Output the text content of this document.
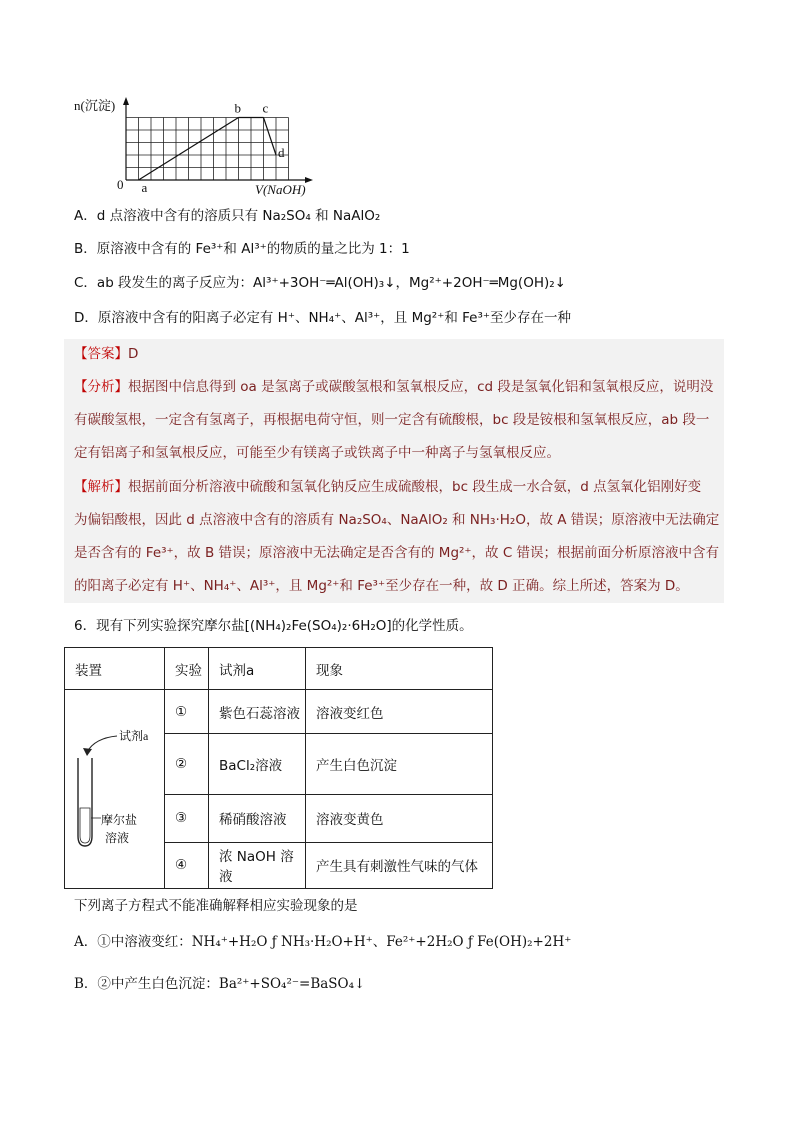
n(沉淀)
V(NaOH)
0 a
b c
d
A．d 点溶液中含有的溶质只有 Na₂SO₄ 和 NaAlO₂
B．原溶液中含有的 Fe³⁺和 Al³⁺的物质的量之比为 1：1
C．ab 段发生的离子反应为：Al³⁺+3OH⁻═Al(OH)₃↓，Mg²⁺+2OH⁻═Mg(OH)₂↓
D．原溶液中含有的阳离子必定有 H⁺、NH₄⁺、Al³⁺，且 Mg²⁺和 Fe³⁺至少存在一种
【答案】D
【分析】根据图中信息得到 oa 是氢离子或碳酸氢根和氢氧根反应，cd 段是氢氧化铝和氢氧根反应，说明没
有碳酸氢根，一定含有氢离子，再根据电荷守恒，则一定含有硫酸根，bc 段是铵根和氢氧根反应，ab 段一
定有铝离子和氢氧根反应，可能至少有镁离子或铁离子中一种离子与氢氧根反应。
【解析】根据前面分析溶液中硫酸和氢氧化钠反应生成硫酸根，bc 段生成一水合氨，d 点氢氧化铝刚好变
为偏铝酸根，因此 d 点溶液中含有的溶质有 Na₂SO₄、NaAlO₂ 和 NH₃·H₂O，故 A 错误；原溶液中无法确定
是否含有的 Fe³⁺，故 B 错误；原溶液中无法确定是否含有的 Mg²⁺，故 C 错误；根据前面分析原溶液中含有
的阳离子必定有 H⁺、NH₄⁺、Al³⁺，且 Mg²⁺和 Fe³⁺至少存在一种，故 D 正确。综上所述，答案为 D。
6．现有下列实验探究摩尔盐[(NH₄)₂Fe(SO₄)₂·6H₂O]的化学性质。
装置	实验	试剂a	现象

试剂a
摩尔盐
溶液	①	紫色石蕊溶液	溶液变红色
	②	BaCl₂溶液	产生白色沉淀
	③	稀硝酸溶液	溶液变黄色
	④	浓 NaOH 溶液	产生具有刺激性气味的气体
下列离子方程式不能准确解释相应实验现象的是
A．①中溶液变红：NH₄⁺+H₂O ƒ NH₃·H₂O+H⁺、Fe²⁺+2H₂O ƒ Fe(OH)₂+2H⁺
B．②中产生白色沉淀：Ba²⁺+SO₄²⁻=BaSO₄↓
